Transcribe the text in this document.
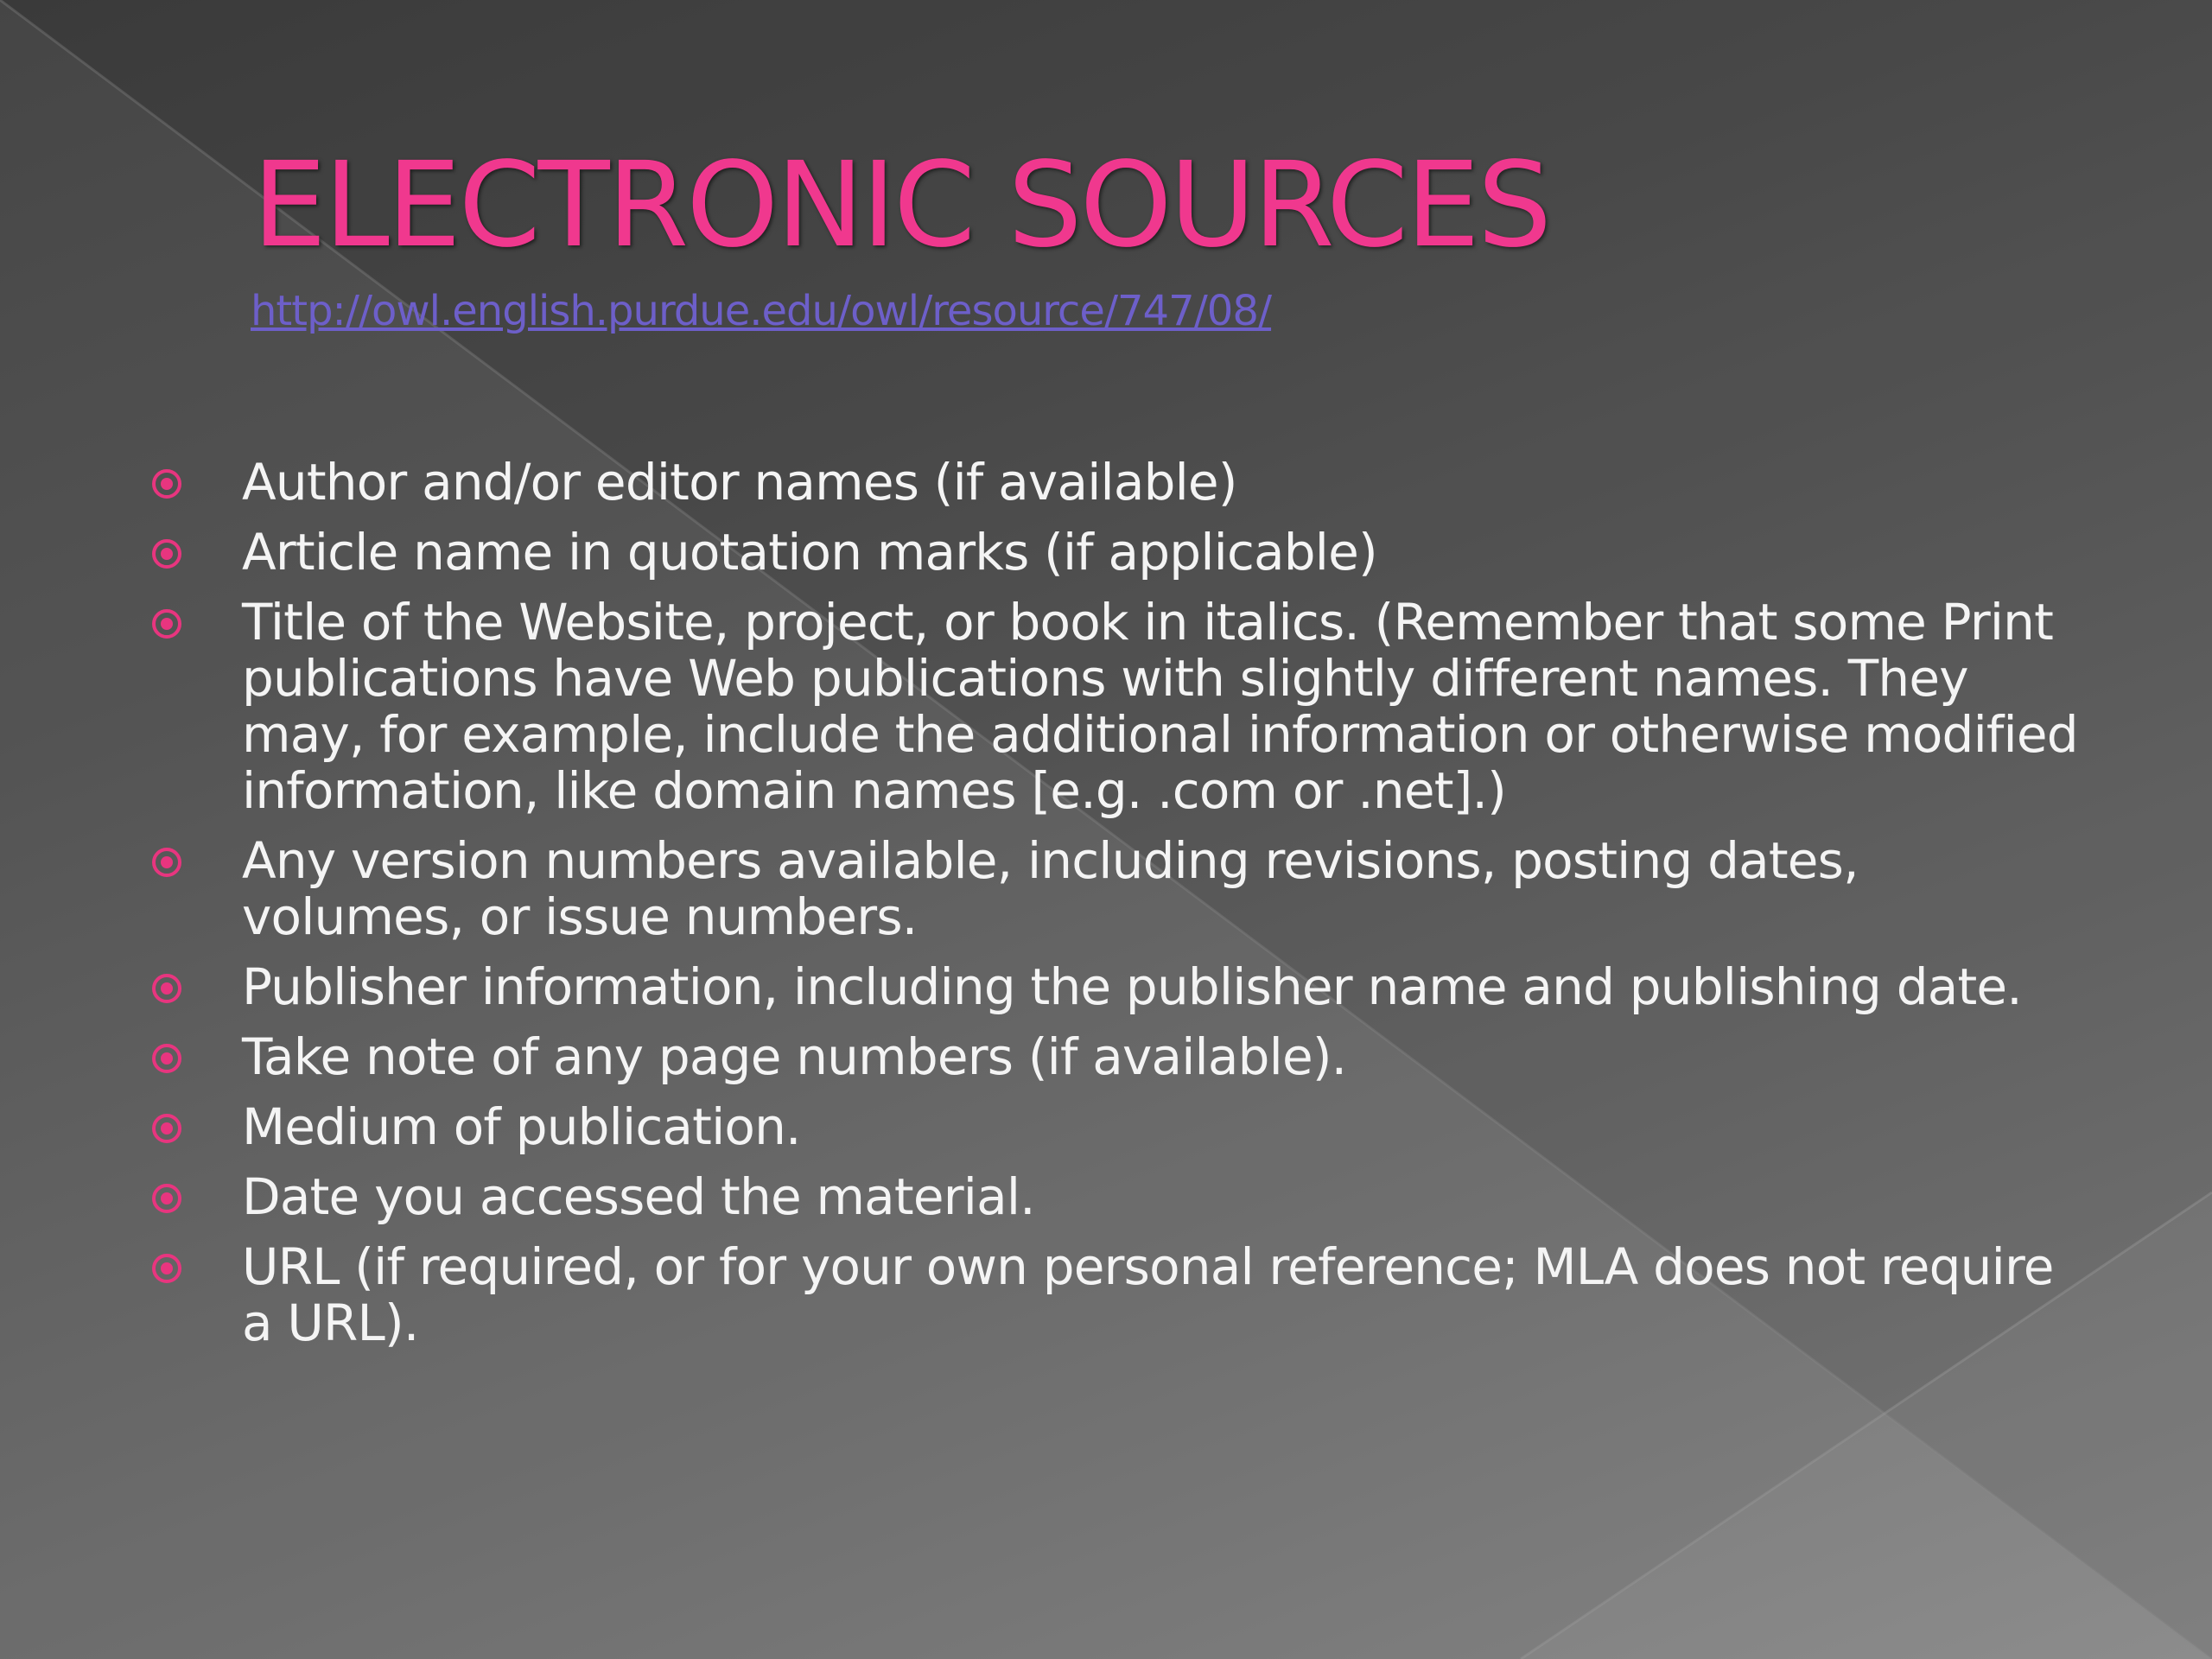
ELECTRONIC SOURCES
http://owl.english.purdue.edu/owl/resource/747/08/
Author and/or editor names (if available)
Article name in quotation marks (if applicable)
Title of the Website, project, or book in italics. (Remember that some Print publications have Web publications with slightly different names. They may, for example, include the additional information or otherwise modified information, like domain names [e.g. .com or .net].)
Any version numbers available, including revisions, posting dates, volumes, or issue numbers.
Publisher information, including the publisher name and publishing date.
Take note of any page numbers (if available).
Medium of publication.
Date you accessed the material.
URL (if required, or for your own personal reference; MLA does not require a URL).
